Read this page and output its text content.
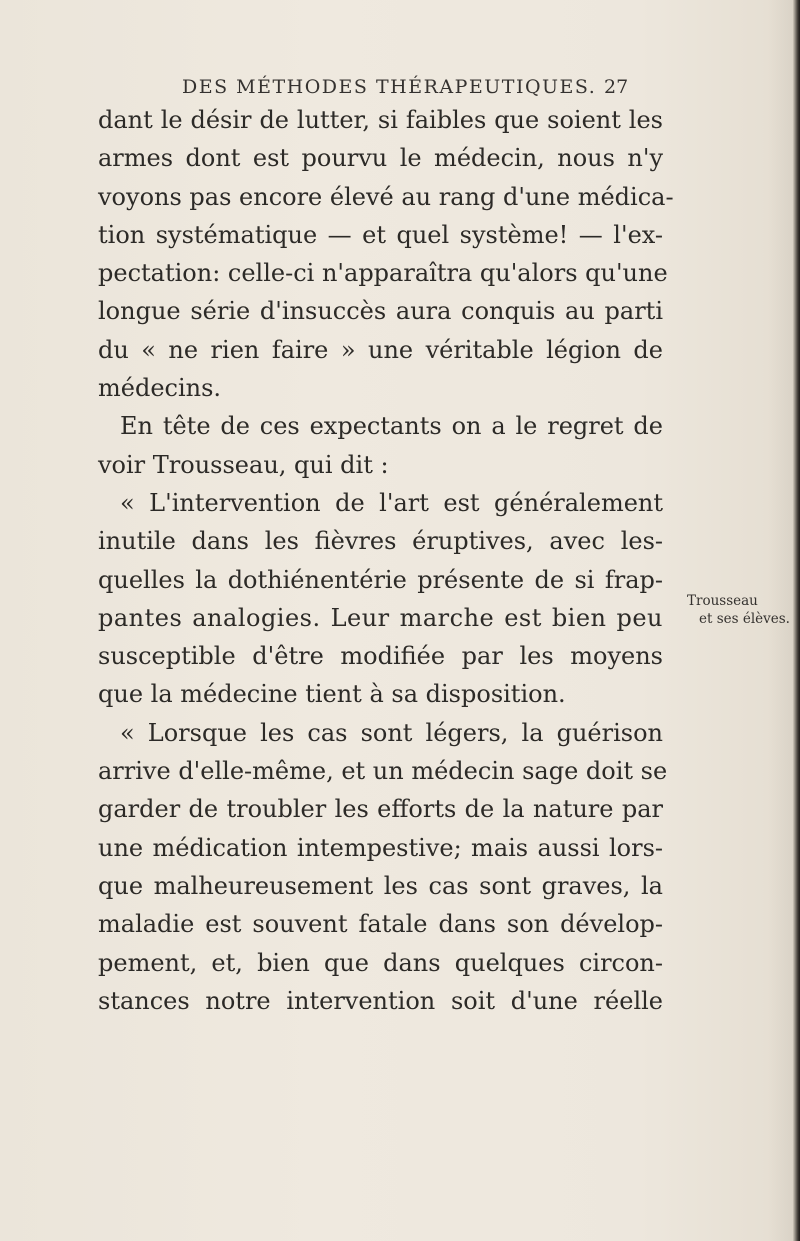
DES MÉTHODES THÉRAPEUTIQUES. 27
dant le désir de lutter, si faibles que soient les
armes dont est pourvu le médecin, nous n'y
voyons pas encore élevé au rang d'une médica-
tion systématique — et quel système! — l'ex-
pectation: celle-ci n'apparaîtra qu'alors qu'une
longue série d'insuccès aura conquis au parti
du « ne rien faire » une véritable légion de
médecins.
En tête de ces expectants on a le regret de
voir Trousseau, qui dit :
« L'intervention de l'art est généralement
inutile dans les fièvres éruptives, avec les-
quelles la dothiénentérie présente de si frap-
pantes analogies. Leur marche est bien peu
susceptible d'être modifiée par les moyens
que la médecine tient à sa disposition.
« Lorsque les cas sont légers, la guérison
arrive d'elle-même, et un médecin sage doit se
garder de troubler les efforts de la nature par
une médication intempestive; mais aussi lors-
que malheureusement les cas sont graves, la
maladie est souvent fatale dans son dévelop-
pement, et, bien que dans quelques circon-
stances notre intervention soit d'une réelle
Trousseau
et ses élèves.
